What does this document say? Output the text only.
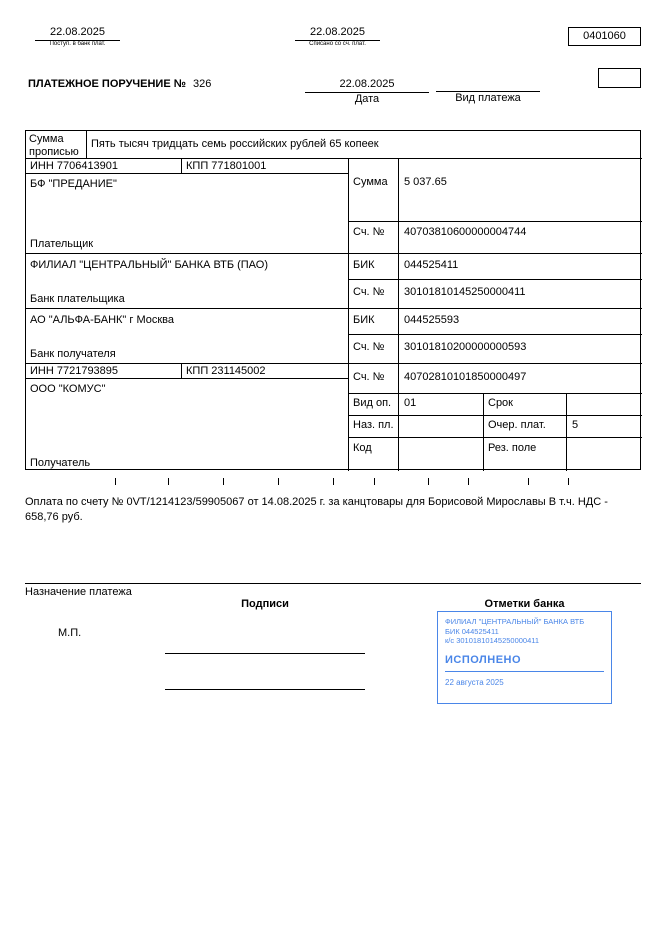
22.08.2025
Поступ. в банк плат.
22.08.2025
Списано со сч. плат.
0401060
ПЛАТЕЖНОЕ ПОРУЧЕНИЕ № 326	22.08.2025
Дата	Вид платежа
Сумма прописью
Пять тысяч тридцать семь российских рублей 65 копеек
ИНН 7706413901	КПП 771801001
БФ "ПРЕДАНИЕ"
Плательщик
ФИЛИАЛ "ЦЕНТРАЛЬНЫЙ" БАНКА ВТБ (ПАО)
Банк плательщика
АО "АЛЬФА-БАНК" г Москва
Банк получателя
ИНН 7721793895	КПП 231145002
ООО "КОМУС"
Получатель
Сумма 5 037.65
Сч. № 40703810600000004744
БИК	044525411
Сч. № 30101810145250000411
БИК	044525593
Сч. № 30101810200000000593
Сч. № 40702810101850000497
Вид оп. 01	Срок
Наз. пл.	Очер. плат. 5
Код	Рез. поле
Оплата по счету № 0VT/1214123/59905067 от 14.08.2025 г. за канцтовары для Борисовой Мирославы В т.ч. НДС - 658,76 руб.
Назначение платежа
Подписи	Отметки банка
М.П.
ФИЛИАЛ "ЦЕНТРАЛЬНЫЙ" БАНКА ВТБ
БИК 044525411
к/с 30101810145250000411
ИСПОЛНЕНО
22 августа 2025
